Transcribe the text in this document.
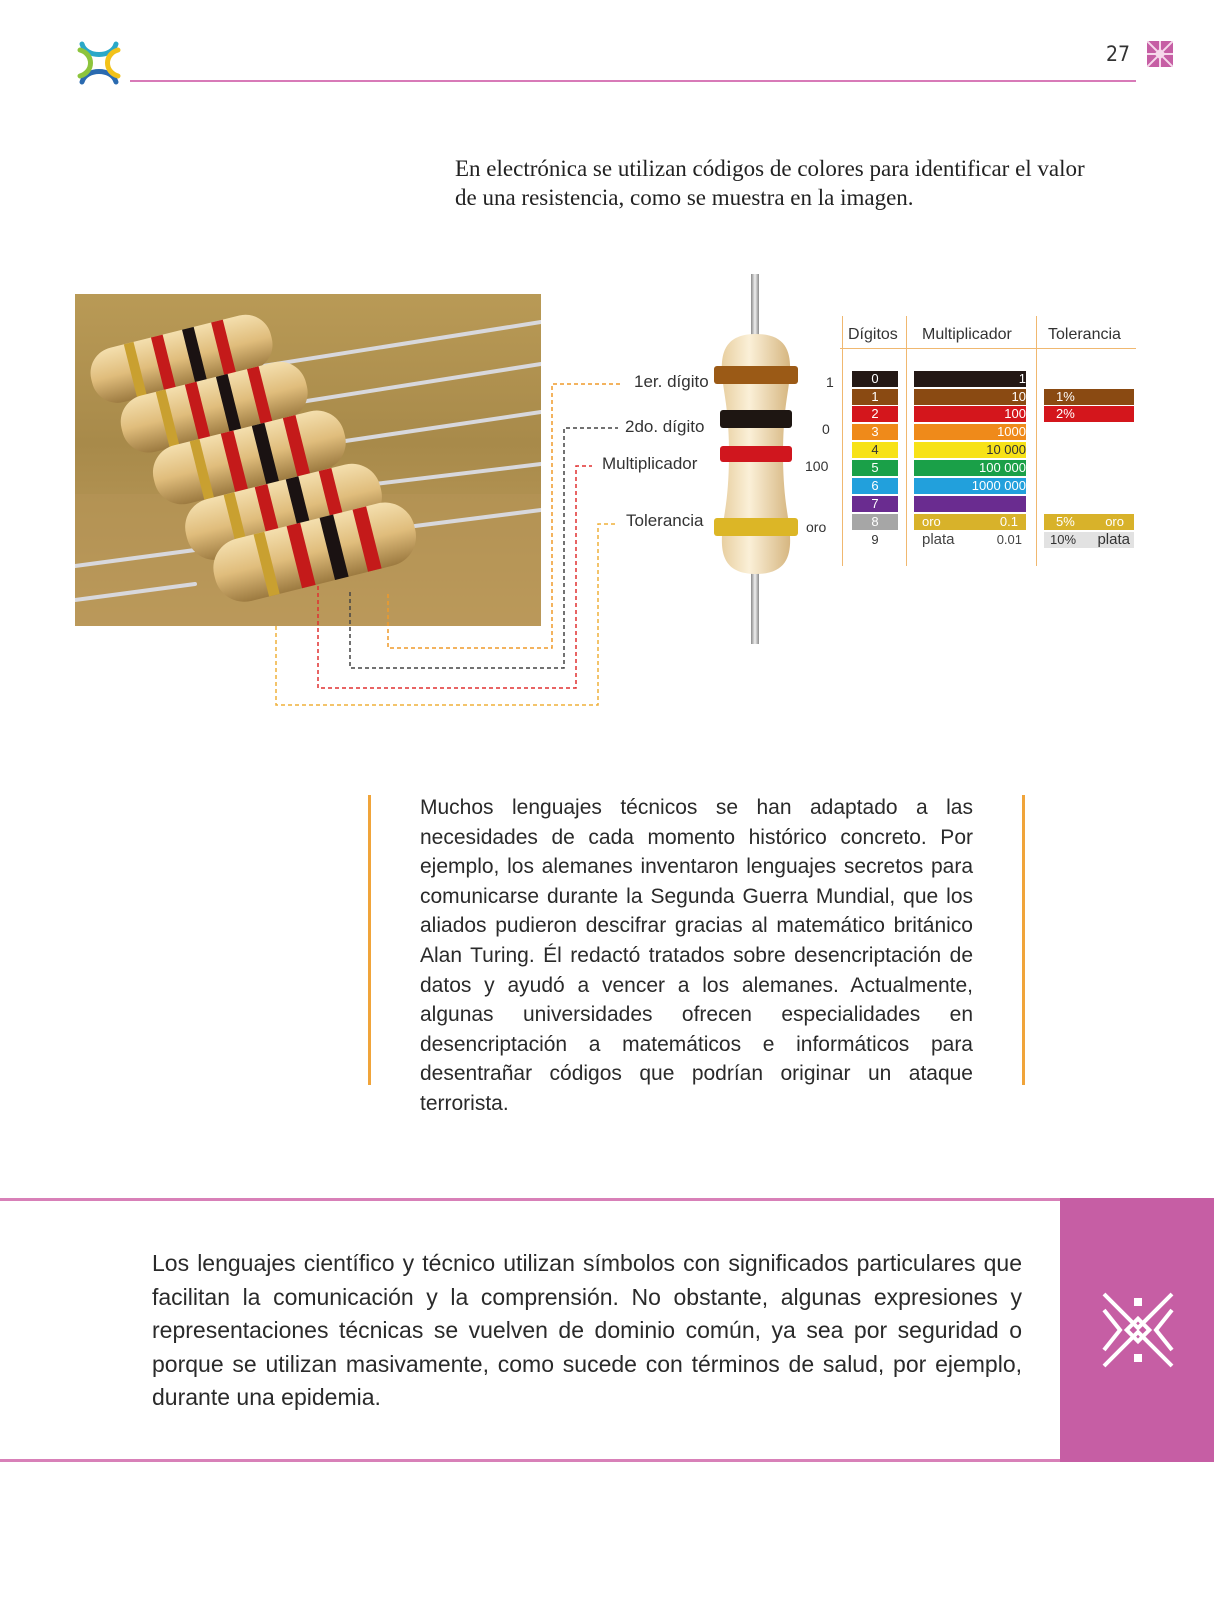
27

En electrónica se utilizan códigos de colores para identificar el valor de una resistencia, como se muestra en la imagen.

1er. dígito
2do. dígito
Multiplicador
Tolerancia
1
0
100
oro
Dígitos Multiplicador Tolerancia
0
1
2
3
4
5
6
7
8
9
1
10
100
1000
10 000
100 000
1000 000
oro	0.1
plata	0.01
1%
2%
5% oro
10% plata

Muchos lenguajes técnicos se han adaptado a las necesidades de cada momento histórico concreto. Por ejemplo, los alemanes inventaron lenguajes secretos para comunicarse durante la Segunda Guerra Mundial, que los aliados pudieron descifrar gracias al matemático británico Alan Turing. Él redactó tratados sobre desencriptación de datos y ayudó a vencer a los alemanes. Actualmente, algunas universidades ofrecen especialidades en desencriptación a matemáticos e informáticos para desentrañar códigos que podrían originar un ataque terrorista.

Los lenguajes científico y técnico utilizan símbolos con significados particulares que facilitan la comunicación y la comprensión. No obstante, algunas expresiones y representaciones técnicas se vuelven de dominio común, ya sea por seguridad o porque se utilizan masivamente, como sucede con términos de salud, por ejemplo, durante una epidemia.
